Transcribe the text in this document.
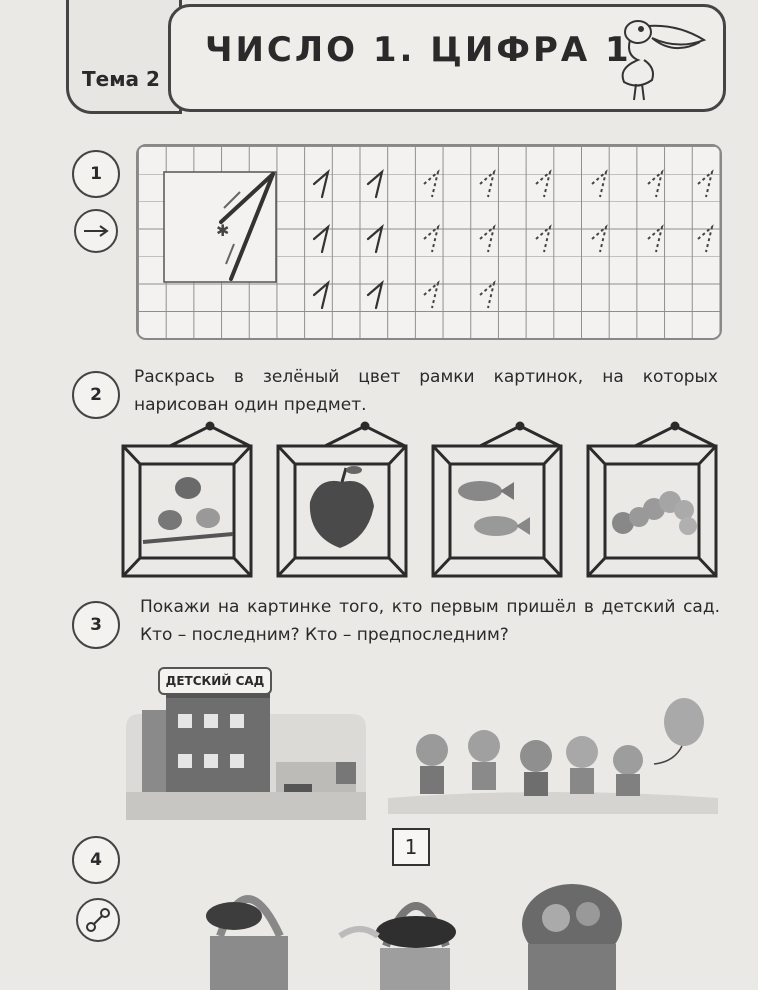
Тема 2
ЧИСЛО 1. ЦИФРА 1
1
✱
2
Раскрась в зелёный цвет рамки картинок, на которых нарисован один предмет.
3
Покажи на картинке того, кто первым пришёл в детский сад. Кто – последним? Кто – предпоследним?
ДЕТСКИЙ САД
1
4
